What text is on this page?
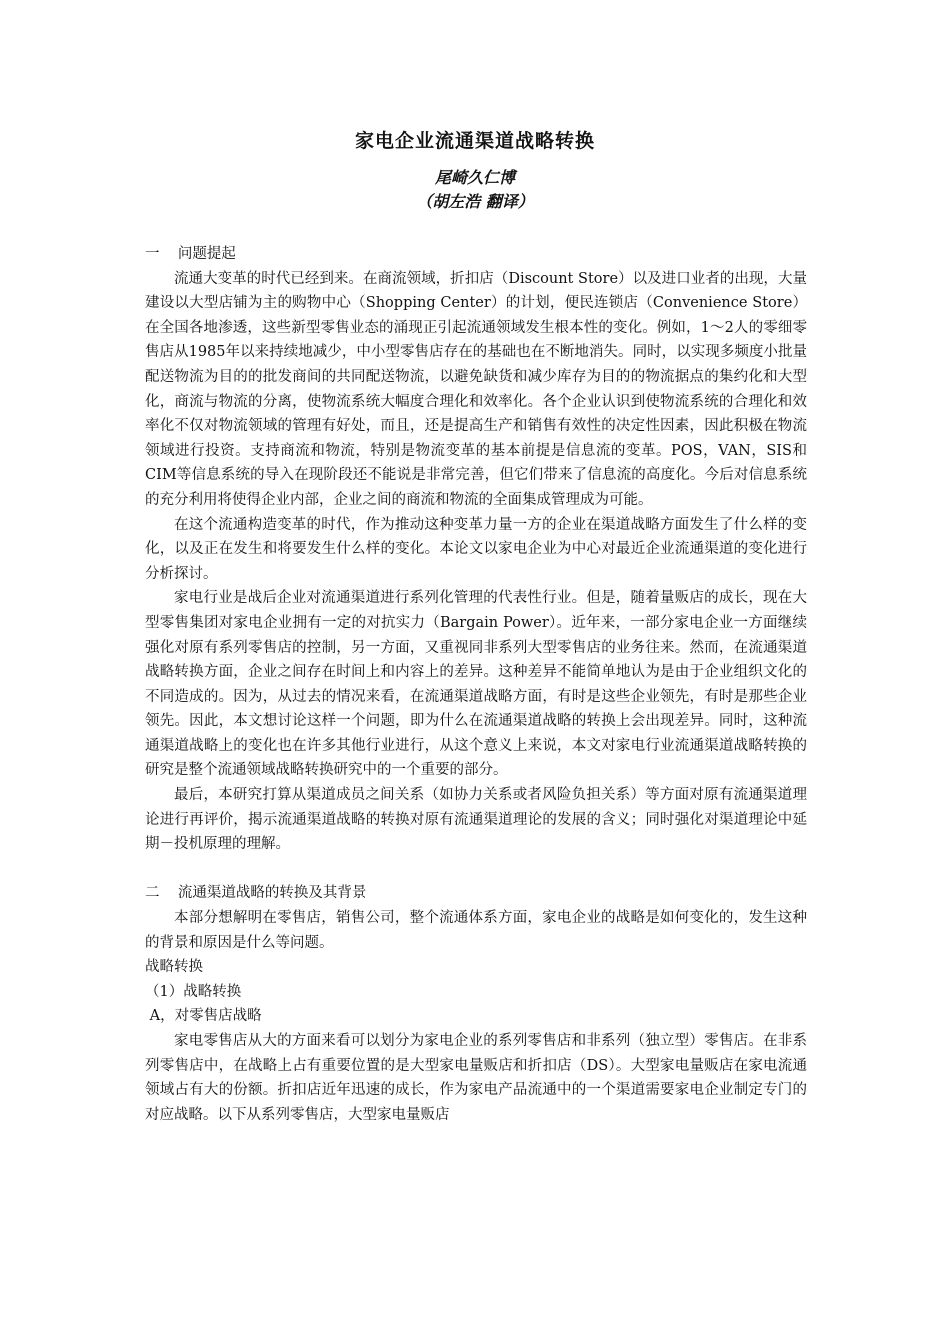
家电企业流通渠道战略转换
尾崎久仁博
（胡左浩 翻译）

一    问题提起

流通大变革的时代已经到来。在商流领域，折扣店（Discount Store）以及进口业者的出现，大量建设以大型店铺为主的购物中心（Shopping Center）的计划，便民连锁店（Convenience Store）在全国各地渗透，这些新型零售业态的涌现正引起流通领域发生根本性的变化。例如，1～2人的零细零售店从1985年以来持续地减少，中小型零售店存在的基础也在不断地消失。同时，以实现多频度小批量配送物流为目的的批发商间的共同配送物流，以避免缺货和减少库存为目的的物流据点的集约化和大型化，商流与物流的分离，使物流系统大幅度合理化和效率化。各个企业认识到使物流系统的合理化和效率化不仅对物流领域的管理有好处，而且，还是提高生产和销售有效性的决定性因素，因此积极在物流领域进行投资。支持商流和物流，特别是物流变革的基本前提是信息流的变革。POS，VAN，SIS和CIM等信息系统的导入在现阶段还不能说是非常完善，但它们带来了信息流的高度化。今后对信息系统的充分利用将使得企业内部，企业之间的商流和物流的全面集成管理成为可能。

在这个流通构造变革的时代，作为推动这种变革力量一方的企业在渠道战略方面发生了什么样的变化，以及正在发生和将要发生什么样的变化。本论文以家电企业为中心对最近企业流通渠道的变化进行分析探讨。

家电行业是战后企业对流通渠道进行系列化管理的代表性行业。但是，随着量贩店的成长，现在大型零售集团对家电企业拥有一定的对抗实力（Bargain Power）。近年来，一部分家电企业一方面继续强化对原有系列零售店的控制，另一方面，又重视同非系列大型零售店的业务往来。然而，在流通渠道战略转换方面，企业之间存在时间上和内容上的差异。这种差异不能简单地认为是由于企业组织文化的不同造成的。因为，从过去的情况来看，在流通渠道战略方面，有时是这些企业领先，有时是那些企业领先。因此，本文想讨论这样一个问题，即为什么在流通渠道战略的转换上会出现差异。同时，这种流通渠道战略上的变化也在许多其他行业进行，从这个意义上来说，本文对家电行业流通渠道战略转换的研究是整个流通领域战略转换研究中的一个重要的部分。

最后，本研究打算从渠道成员之间关系（如协力关系或者风险负担关系）等方面对原有流通渠道理论进行再评价，揭示流通渠道战略的转换对原有流通渠道理论的发展的含义；同时强化对渠道理论中延期－投机原理的理解。

二    流通渠道战略的转换及其背景

本部分想解明在零售店，销售公司，整个流通体系方面，家电企业的战略是如何变化的，发生这种的背景和原因是什么等问题。

战略转换

（1）战略转换

A，对零售店战略

家电零售店从大的方面来看可以划分为家电企业的系列零售店和非系列（独立型）零售店。在非系列零售店中，在战略上占有重要位置的是大型家电量贩店和折扣店（DS）。大型家电量贩店在家电流通领域占有大的份额。折扣店近年迅速的成长，作为家电产品流通中的一个渠道需要家电企业制定专门的对应战略。以下从系列零售店，大型家电量贩店
